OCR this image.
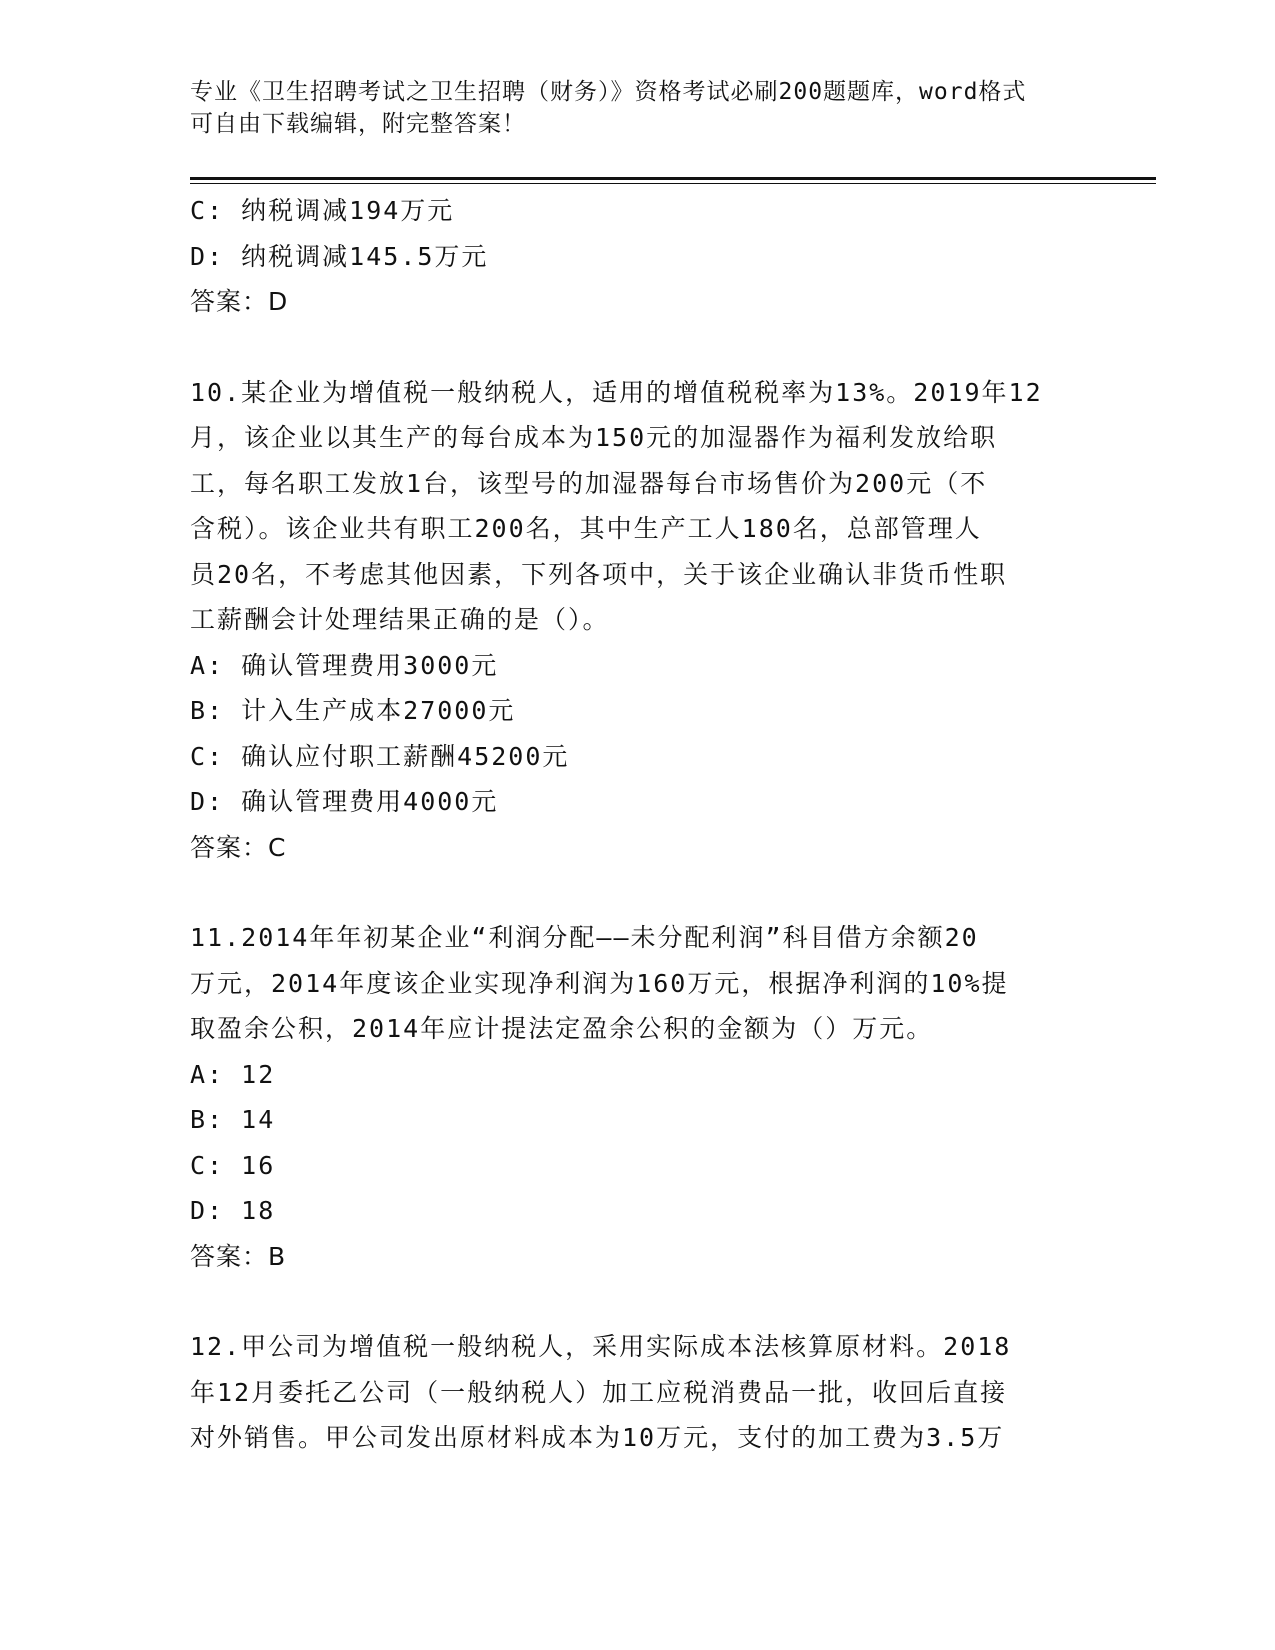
专业《卫生招聘考试之卫生招聘（财务）》资格考试必刷200题题库，word格式
可自由下载编辑，附完整答案！

C: 纳税调减194万元

D: 纳税调减145.5万元

答案：D

10.某企业为增值税一般纳税人，适用的增值税税率为13%。2019年12

月，该企业以其生产的每台成本为150元的加湿器作为福利发放给职

工，每名职工发放1台，该型号的加湿器每台市场售价为200元（不

含税）。该企业共有职工200名，其中生产工人180名，总部管理人

员20名，不考虑其他因素，下列各项中，关于该企业确认非货币性职

工薪酬会计处理结果正确的是（）。

A: 确认管理费用3000元

B: 计入生产成本27000元

C: 确认应付职工薪酬45200元

D: 确认管理费用4000元

答案：C

11.2014年年初某企业“利润分配——未分配利润”科目借方余额20

万元，2014年度该企业实现净利润为160万元，根据净利润的10%提

取盈余公积，2014年应计提法定盈余公积的金额为（）万元。

A: 12

B: 14

C: 16

D: 18

答案：B

12.甲公司为增值税一般纳税人，采用实际成本法核算原材料。2018

年12月委托乙公司（一般纳税人）加工应税消费品一批，收回后直接

对外销售。甲公司发出原材料成本为10万元，支付的加工费为3.5万
